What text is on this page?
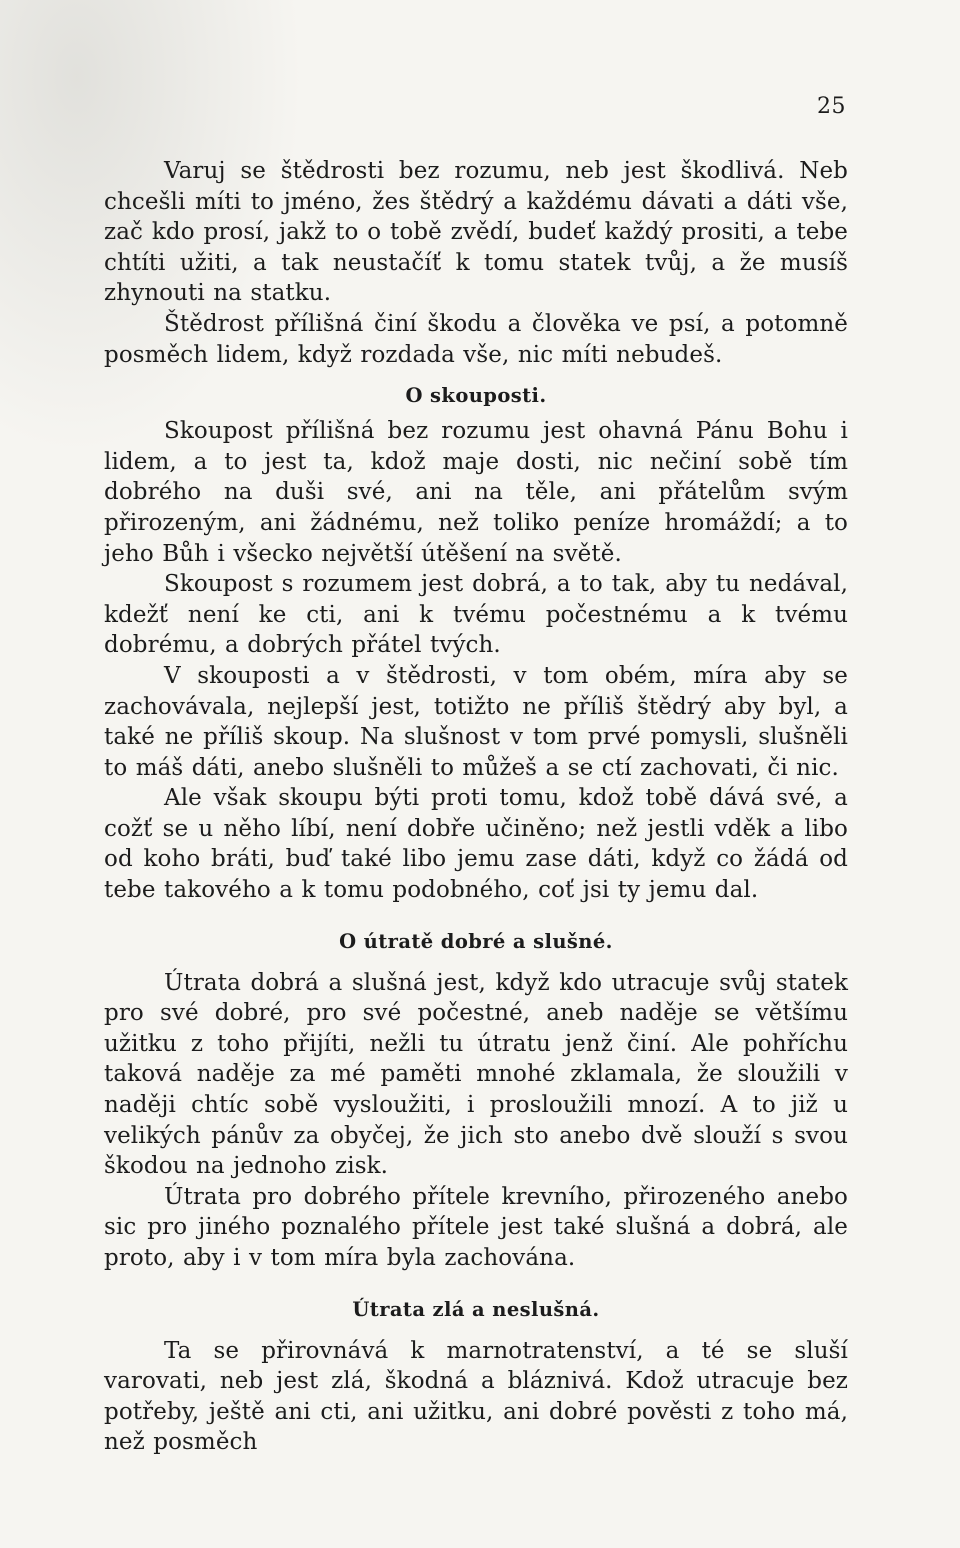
25

Varuj se štědrosti bez rozumu, neb jest škodlivá. Neb chcešli míti to jméno, žes štědrý a každému dávati a dáti vše, zač kdo prosí, jakž to o tobě zvědí, budeť každý prositi, a tebe chtíti užiti, a tak neustačíť k tomu statek tvůj, a že musíš zhynouti na statku.

Štědrost přílišná činí škodu a člověka ve psí, a potomně posměch lidem, když rozdada vše, nic míti nebudeš.

O skouposti.

Skoupost přílišná bez rozumu jest ohavná Pánu Bohu i lidem, a to jest ta, kdož maje dosti, nic nečiní sobě tím dobrého na duši své, ani na těle, ani přátelům svým přirozeným, ani žádnému, než toliko peníze hromáždí; a to jeho Bůh i všecko největší útěšení na světě.

Skoupost s rozumem jest dobrá, a to tak, aby tu nedával, kdežť není ke cti, ani k tvému počestnému a k tvému dobrému, a dobrých přátel tvých.

V skouposti a v štědrosti, v tom obém, míra aby se zachovávala, nejlepší jest, totižto ne příliš štědrý aby byl, a také ne příliš skoup. Na slušnost v tom prvé pomysli, slušněli to máš dáti, anebo slušněli to můžeš a se ctí zachovati, či nic.

Ale však skoupu býti proti tomu, kdož tobě dává své, a cožť se u něho líbí, není dobře učiněno; než jestli vděk a libo od koho bráti, buď také libo jemu zase dáti, když co žádá od tebe takového a k tomu podobného, coť jsi ty jemu dal.

O útratě dobré a slušné.

Útrata dobrá a slušná jest, když kdo utracuje svůj statek pro své dobré, pro své počestné, aneb naděje se většímu užitku z toho přijíti, nežli tu útratu jenž činí. Ale pohříchu taková naděje za mé paměti mnohé zklamala, že sloužili v naději chtíc sobě vysloužiti, i prosloužili mnozí. A to již u velikých pánův za obyčej, že jich sto anebo dvě slouží s svou škodou na jednoho zisk.

Útrata pro dobrého přítele krevního, přirozeného anebo sic pro jiného poznalého přítele jest také slušná a dobrá, ale proto, aby i v tom míra byla zachována.

Útrata zlá a neslušná.

Ta se přirovnává k marnotratenství, a té se sluší varovati, neb jest zlá, škodná a bláznivá. Kdož utracuje bez potřeby, ještě ani cti, ani užitku, ani dobré pověsti z toho má, než posměch
